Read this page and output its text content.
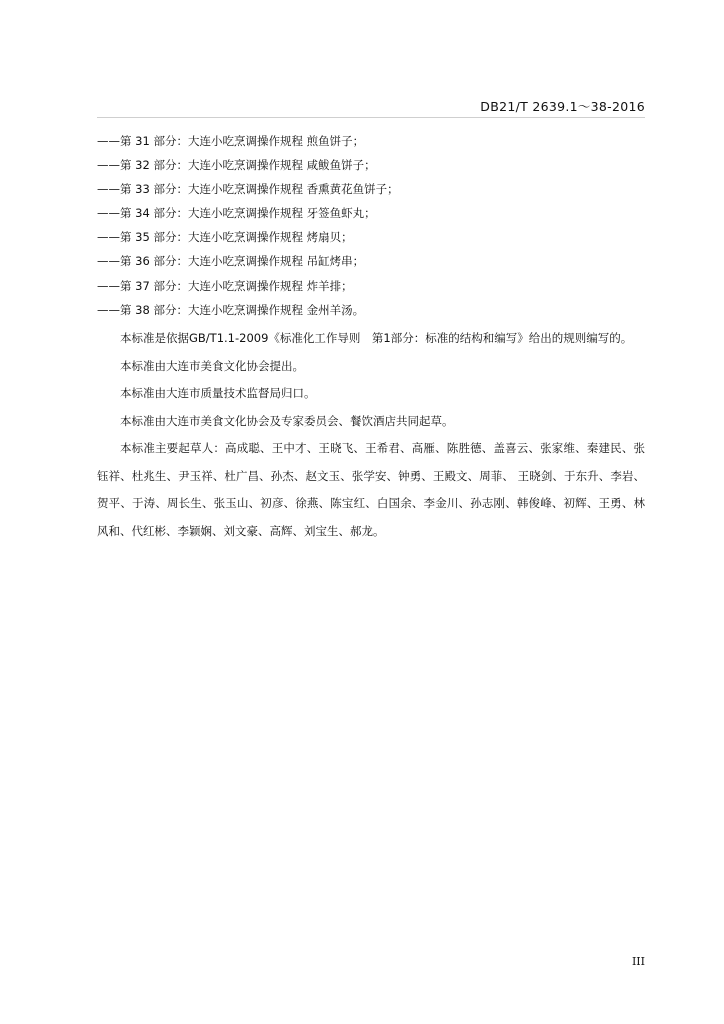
DB21/T 2639.1～38-2016
——第 31 部分：大连小吃烹调操作规程 煎鱼饼子；
——第 32 部分：大连小吃烹调操作规程 咸鲅鱼饼子；
——第 33 部分：大连小吃烹调操作规程 香熏黄花鱼饼子；
——第 34 部分：大连小吃烹调操作规程 牙签鱼虾丸；
——第 35 部分：大连小吃烹调操作规程 烤扇贝；
——第 36 部分：大连小吃烹调操作规程 吊缸烤串；
——第 37 部分：大连小吃烹调操作规程 炸羊排；
——第 38 部分：大连小吃烹调操作规程 金州羊汤。

本标准是依据GB/T1.1-2009《标准化工作导则　第1部分：标准的结构和编写》给出的规则编写的。

本标准由大连市美食文化协会提出。

本标准由大连市质量技术监督局归口。

本标准由大连市美食文化协会及专家委员会、餐饮酒店共同起草。

本标准主要起草人：高成聪、王中才、王晓飞、王希君、高雁、陈胜德、盖喜云、张家维、秦建民、张钰祥、杜兆生、尹玉祥、杜广昌、孙杰、赵文玉、张学安、钟勇、王殿文、周菲、 王晓剑、于东升、李岩、贺平、于涛、周长生、张玉山、初彦、徐燕、陈宝红、白国余、李金川、孙志刚、韩俊峰、初辉、王勇、林风和、代红彬、李颖娴、刘文豪、高辉、刘宝生、郝龙。

III
